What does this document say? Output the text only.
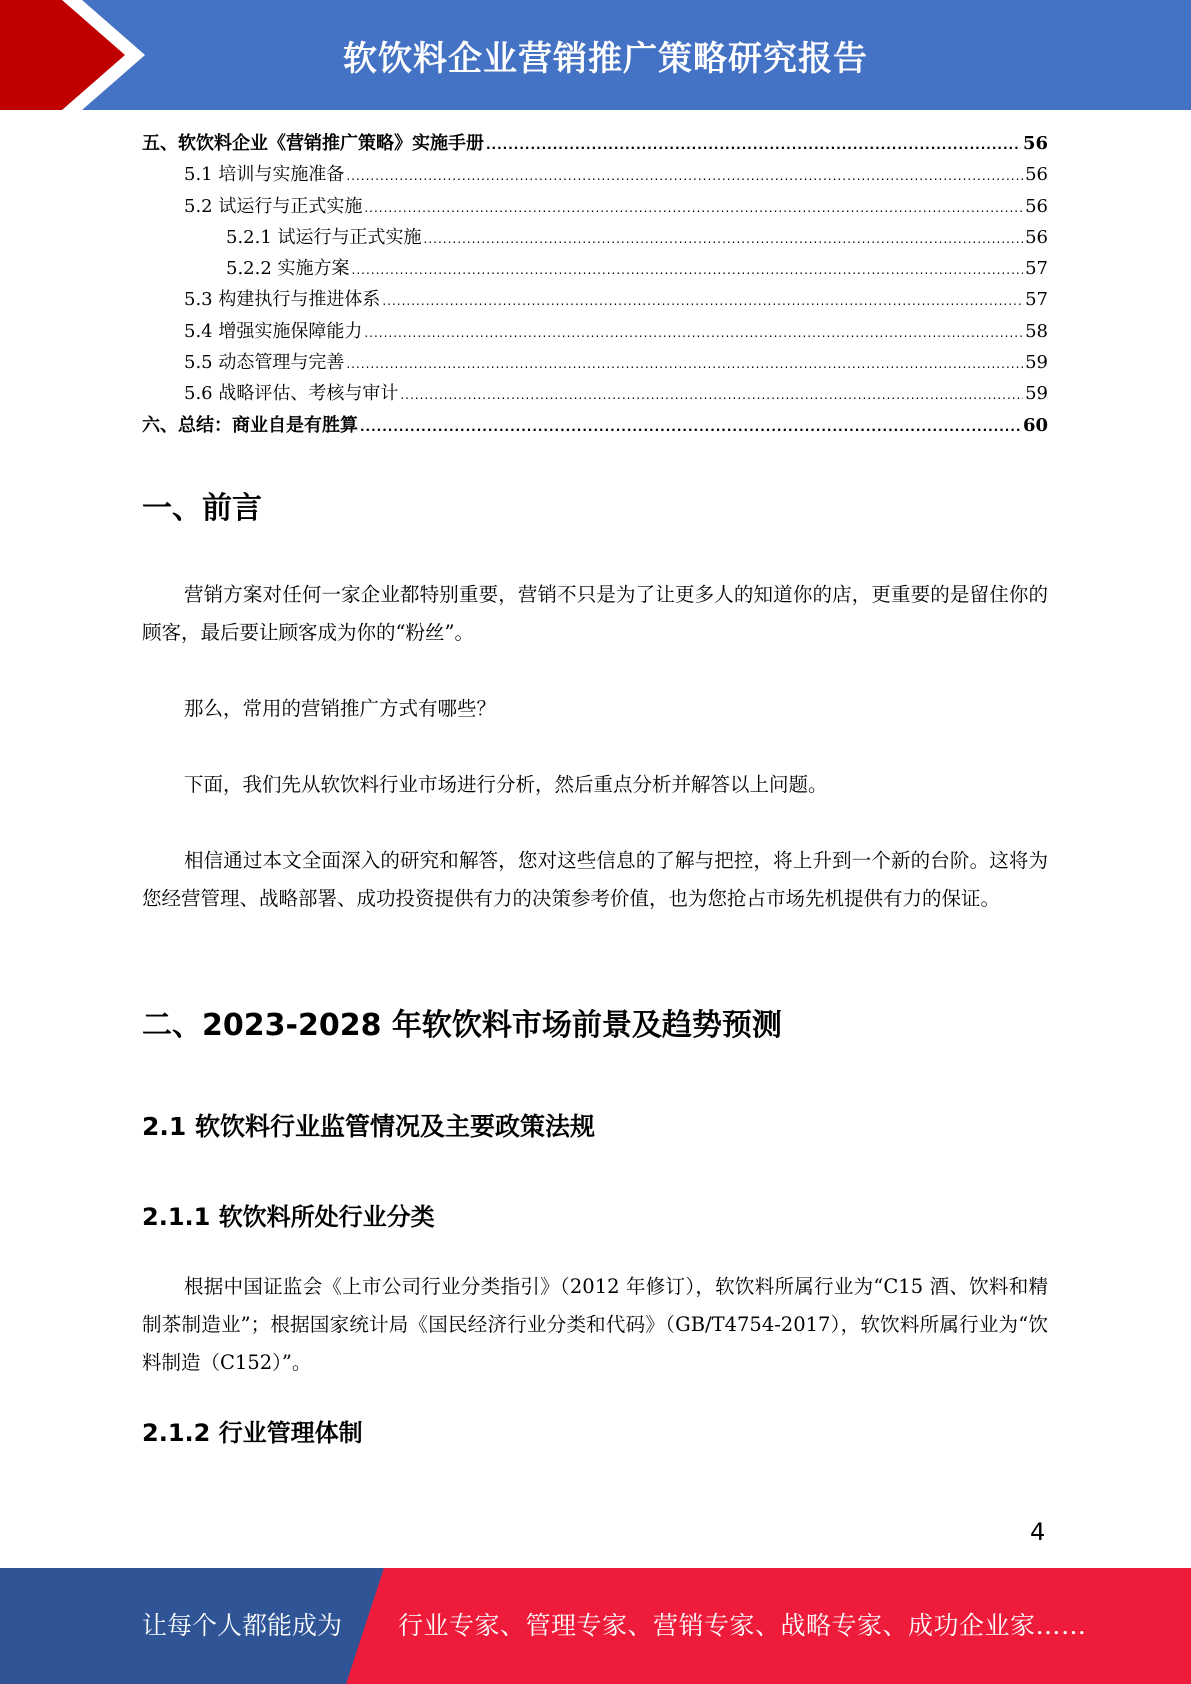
软饮料企业营销推广策略研究报告
五、软饮料企业《营销推广策略》实施手册 .....	56
5.1 培训与实施准备 .....	56
5.2 试运行与正式实施 .....	56
5.2.1 试运行与正式实施 .....	56
5.2.2 实施方案 .....	57
5.3 构建执行与推进体系 .....	57
5.4 增强实施保障能力 .....	58
5.5 动态管理与完善 .....	59
5.6 战略评估、考核与审计 .....	59
六、总结：商业自是有胜算 .....	60
一、前言

营销方案对任何一家企业都特别重要，营销不只是为了让更多人的知道你的店，更重要的是留住你的顾客，最后要让顾客成为你的“粉丝”。

那么，常用的营销推广方式有哪些？

下面，我们先从软饮料行业市场进行分析，然后重点分析并解答以上问题。

相信通过本文全面深入的研究和解答，您对这些信息的了解与把控，将上升到一个新的台阶。这将为您经营管理、战略部署、成功投资提供有力的决策参考价值，也为您抢占市场先机提供有力的保证。

二、2023-2028 年软饮料市场前景及趋势预测
2.1 软饮料行业监管情况及主要政策法规
2.1.1 软饮料所处行业分类

根据中国证监会《上市公司行业分类指引》（2012 年修订），软饮料所属行业为“C15 酒、饮料和精制茶制造业”；根据国家统计局《国民经济行业分类和代码》（GB/T4754-2017），软饮料所属行业为“饮料制造（C152）”。

2.1.2 行业管理体制
4
让每个人都能成为 行业专家、管理专家、营销专家、战略专家、成功企业家……
